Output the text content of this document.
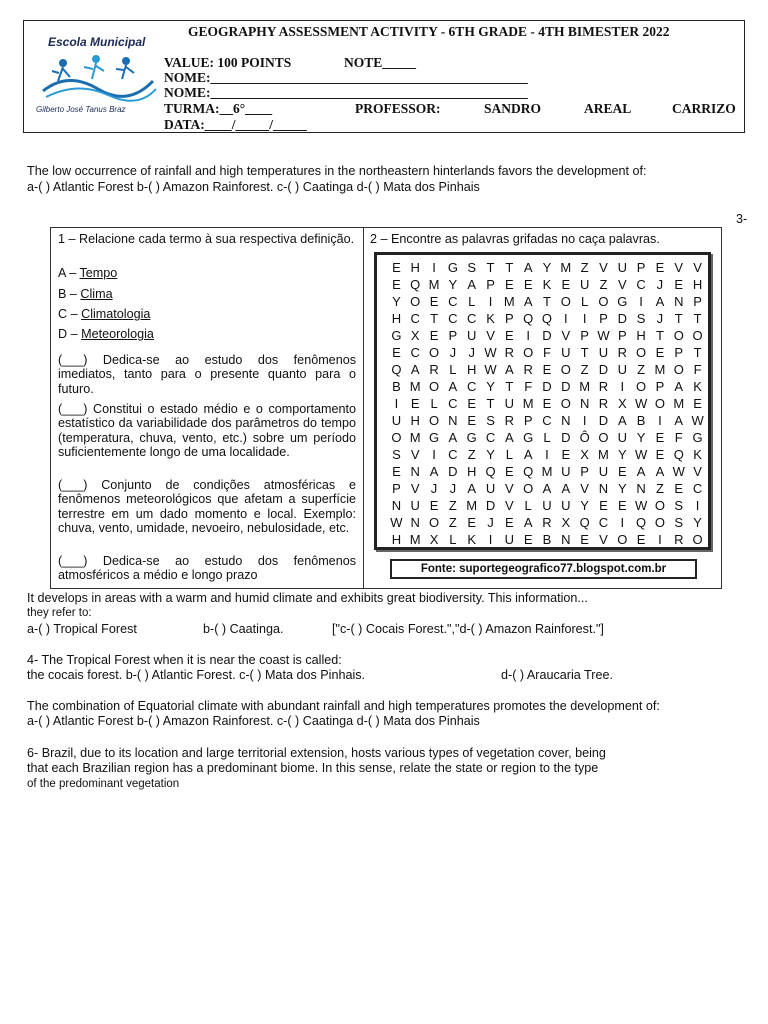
Escola Municipal
Gilberto José Tanus Braz
GEOGRAPHY ASSESSMENT ACTIVITY - 6TH GRADE - 4TH BIMESTER 2022
VALUE: 100 POINTS	NOTE_____
NOME:_______________________________________________
NOME:_______________________________________________
TURMA:__6°____	PROFESSOR:	SANDRO	AREAL	CARRIZO
DATA:____/_____/_____
The low occurrence of rainfall and high temperatures in the northeastern hinterlands favors the development of:
a-( ) Atlantic Forest b-( ) Amazon Rainforest. c-( ) Caatinga d-( ) Mata dos Pinhais
3-
1 – Relacione cada termo à sua respectiva definição.
A – Tempo
B – Clima
C – Climatologia
D – Meteorologia
(___) Dedica-se ao estudo dos fenômenos imediatos, tanto para o presente quanto para o futuro.
(___) Constitui o estado médio e o comportamento estatístico da variabilidade dos parâmetros do tempo (temperatura, chuva, vento, etc.) sobre um período suficientemente longo de uma localidade.
(___) Conjunto de condições atmosféricas e fenômenos meteorológicos que afetam a superfície terrestre em um dado momento e local. Exemplo: chuva, vento, umidade, nevoeiro, nebulosidade, etc.
(___) Dedica-se ao estudo dos fenômenos atmosféricos a médio e longo prazo
2 – Encontre as palavras grifadas no caça palavras.
E H I G S T T A Y M Z V U P E V V
E Q M Y A P E E K E U Z V C J E H
Y O E C L	I M A T O L O G I A N P
H C T C C K P Q Q I	I P D S J T T
G X E P U V E I D V P W P H T O O
E C O J J W R O F U T U R O E P T
Q A R L H W A R E O Z D U Z M O F
B M O A C Y T F D D M R I O P A K
I E L C E T U M E O N R X W O M E
U H O N E S R P C N I D A B I A W
O M G A G C A G L D Ô O U Y E F G
S V I C Z Y L A I E X M Y W E Q K
E N A D H Q E Q M U P U E A A W V
P V J J A U V O A A V N Y N Z E C
N U E Z M D V L U U Y E E W O S I
W N O Z E J E A R X Q C I Q O S Y
H M X L K I U E B N E V O E I R O
Fonte: suportegeografico77.blogspot.com.br
It develops in areas with a warm and humid climate and exhibits great biodiversity. This information...
they refer to:
a-( ) Tropical Forest	b-( ) Caatinga.	["c-( ) Cocais Forest.","d-( ) Amazon Rainforest."]
4- The Tropical Forest when it is near the coast is called:
the cocais forest. b-( ) Atlantic Forest. c-( ) Mata dos Pinhais.	d-( ) Araucaria Tree.
The combination of Equatorial climate with abundant rainfall and high temperatures promotes the development of:
a-( ) Atlantic Forest b-( ) Amazon Rainforest. c-( ) Caatinga d-( ) Mata dos Pinhais
6- Brazil, due to its location and large territorial extension, hosts various types of vegetation cover, being
that each Brazilian region has a predominant biome. In this sense, relate the state or region to the type
of the predominant vegetation
